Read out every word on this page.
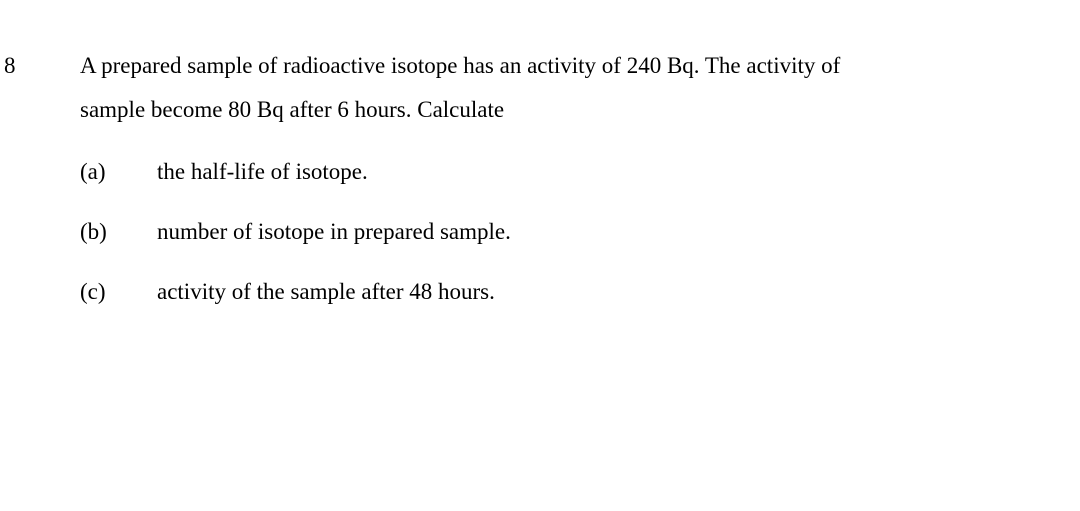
8	A prepared sample of radioactive isotope has an activity of 240 Bq. The activity of
sample become 80 Bq after 6 hours. Calculate
(a) the half-life of isotope.
(b) number of isotope in prepared sample.
(c) activity of the sample after 48 hours.
